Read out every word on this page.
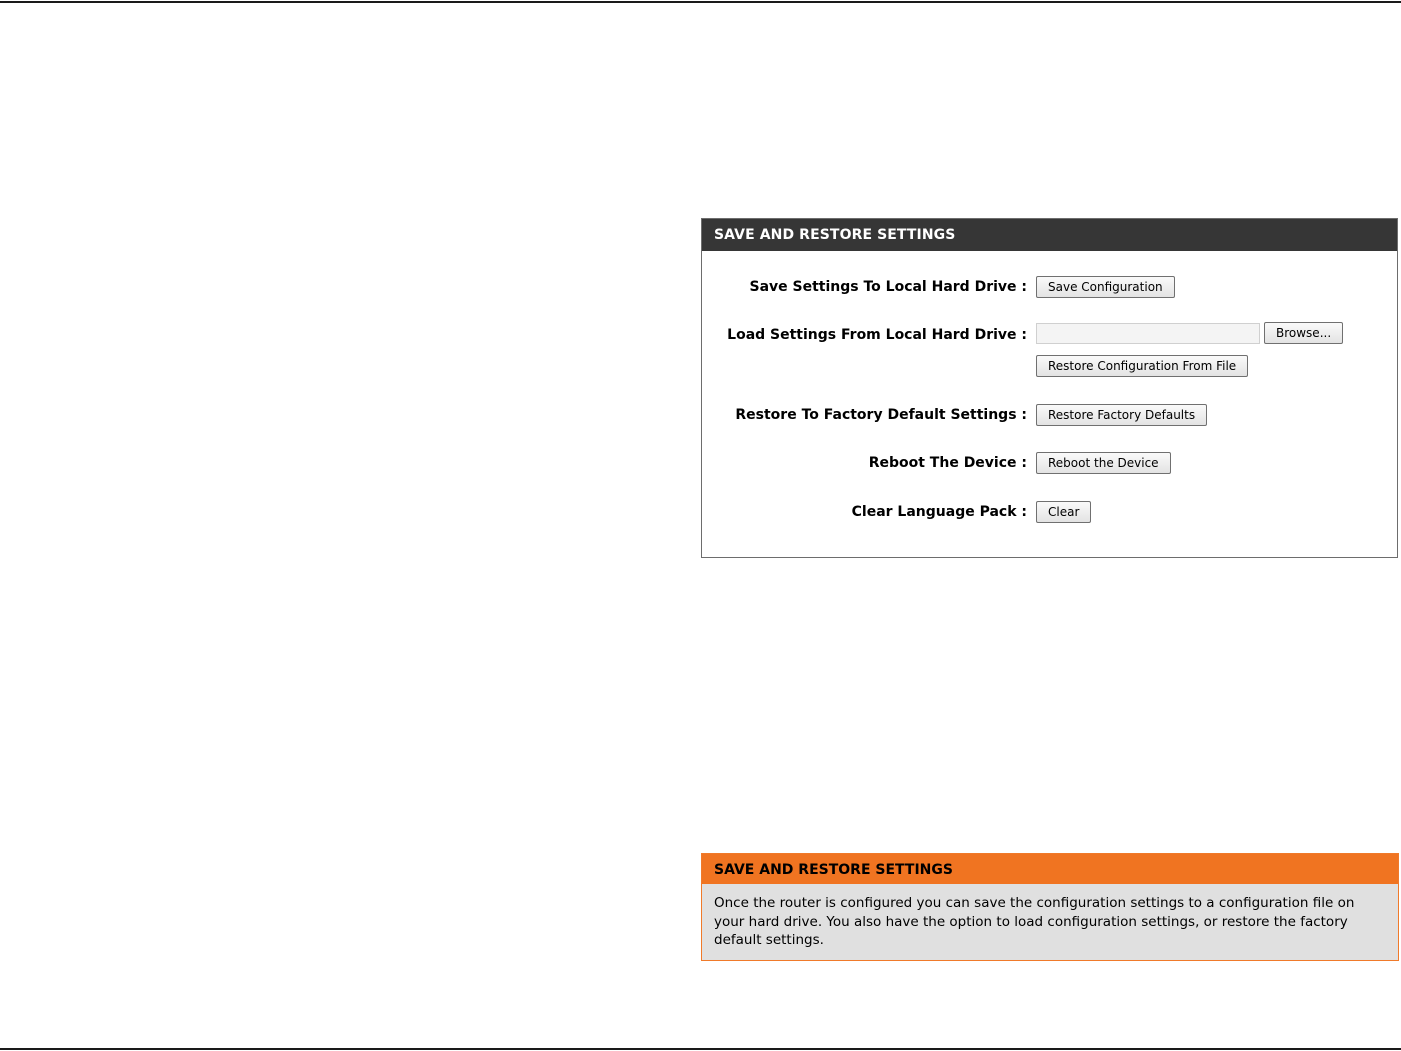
SAVE AND RESTORE SETTINGS
Save Settings To Local Hard Drive :	Save Configuration
Load Settings From Local Hard Drive :	Browse...
Restore Configuration From File
Restore To Factory Default Settings :	Restore Factory Defaults
Reboot The Device :	Reboot the Device
Clear Language Pack :	Clear
SAVE AND RESTORE SETTINGS
Once the router is configured you can save the configuration settings to a configuration file on your hard drive. You also have the option to load configuration settings, or restore the factory default settings.
